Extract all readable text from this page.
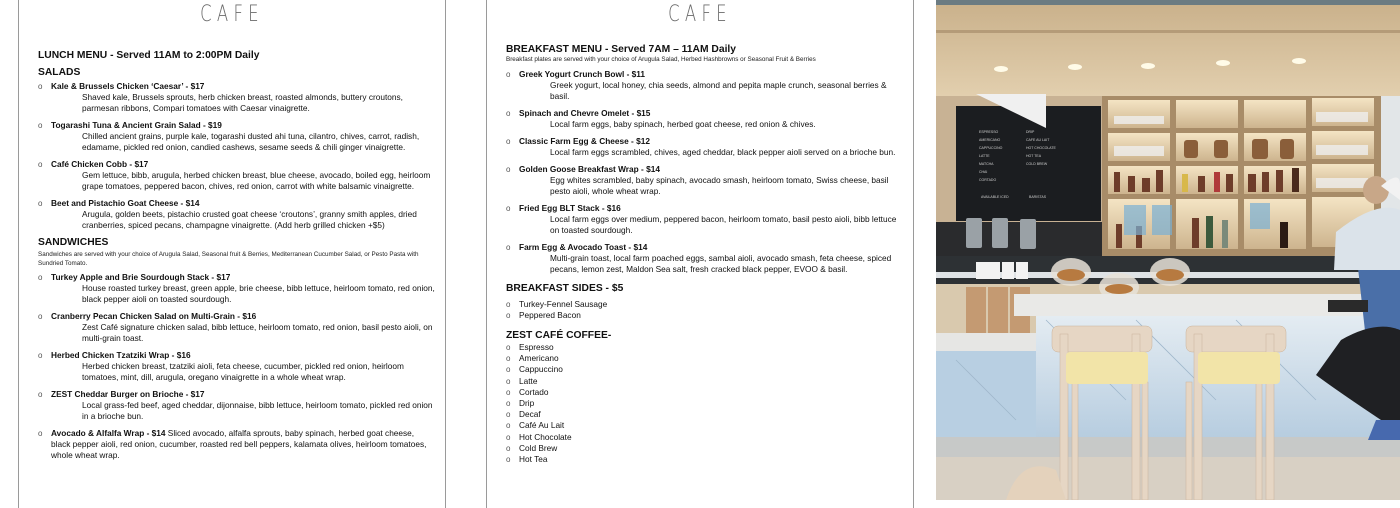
CAFE
LUNCH MENU - Served 11AM to 2:00PM Daily
SALADS
o Kale & Brussels Chicken ‘Caesar’ - $17
Shaved kale, Brussels sprouts, herb chicken breast, roasted almonds, buttery croutons, parmesan ribbons, Compari tomatoes with Caesar vinaigrette.
o Togarashi Tuna & Ancient Grain Salad - $19
Chilled ancient grains, purple kale, togarashi dusted ahi tuna, cilantro, chives, carrot, radish, edamame, pickled red onion, candied cashews, sesame seeds & chili ginger vinaigrette.
o Café Chicken Cobb - $17
Gem lettuce, bibb, arugula, herbed chicken breast, blue cheese, avocado, boiled egg, heirloom grape tomatoes, peppered bacon, chives, red onion, carrot with white balsamic vinaigrette.
o Beet and Pistachio Goat Cheese - $14
Arugula, golden beets, pistachio crusted goat cheese ‘croutons’, granny smith apples, dried cranberries, spiced pecans, champagne vinaigrette. (Add herb grilled chicken +$5)
SANDWICHES
Sandwiches are served with your choice of Arugula Salad, Seasonal fruit & Berries, Mediterranean Cucumber Salad, or Pesto Pasta with Sundried Tomato.
o Turkey Apple and Brie Sourdough Stack - $17
House roasted turkey breast, green apple, brie cheese, bibb lettuce, heirloom tomato, red onion, black pepper aioli on toasted sourdough.
o Cranberry Pecan Chicken Salad on Multi-Grain - $16
Zest Café signature chicken salad, bibb lettuce, heirloom tomato, red onion, basil pesto aioli, on multi-grain toast.
o Herbed Chicken Tzatziki Wrap - $16
Herbed chicken breast, tzatziki aioli, feta cheese, cucumber, pickled red onion, heirloom tomatoes, mint, dill, arugula, oregano vinaigrette in a whole wheat wrap.
o ZEST Cheddar Burger on Brioche - $17
Local grass-fed beef, aged cheddar, dijonnaise, bibb lettuce, heirloom tomato, pickled red onion in a brioche bun.
o Avocado & Alfalfa Wrap - $14 Sliced avocado, alfalfa sprouts, baby spinach, herbed goat cheese, black pepper aioli, red onion, cucumber, roasted red bell peppers, kalamata olives, heirloom tomatoes, whole wheat wrap.
CAFE
BREAKFAST MENU - Served 7AM – 11AM Daily
Breakfast plates are served with your choice of Arugula Salad, Herbed Hashbrowns or Seasonal Fruit & Berries
o Greek Yogurt Crunch Bowl - $11
Greek yogurt, local honey, chia seeds, almond and pepita maple crunch, seasonal berries & basil.
o Spinach and Chevre Omelet - $15
Local farm eggs, baby spinach, herbed goat cheese, red onion & chives.
o Classic Farm Egg & Cheese - $12
Local farm eggs scrambled, chives, aged cheddar, black pepper aioli served on a brioche bun.
o Golden Goose Breakfast Wrap - $14
Egg whites scrambled, baby spinach, avocado smash, heirloom tomato, Swiss cheese, basil pesto aioli, whole wheat wrap.
o Fried Egg BLT Stack - $16
Local farm eggs over medium, peppered bacon, heirloom tomato, basil pesto aioli, bibb lettuce on toasted sourdough.
o Farm Egg & Avocado Toast - $14
Multi-grain toast, local farm poached eggs, sambal aioli, avocado smash, feta cheese, spiced pecans, lemon zest, Maldon Sea salt, fresh cracked black pepper, EVOO & basil.
BREAKFAST SIDES - $5
o Turkey-Fennel Sausage
o Peppered Bacon
ZEST CAFÉ COFFEE-
o Espresso
o Americano
o Cappuccino
o Latte
o Cortado
o Drip
o Decaf
o Café Au Lait
o Hot Chocolate
o Cold Brew
o Hot Tea
ESPRESSO
AMERICANO
CAPPUCCINO
LATTE
MATCHA
CHAI
CORTADO
DRIP
CAFE AU LAIT
HOT CHOCOLATE
HOT TEA
COLD BREW
AVAILABLE ICED	BARISTAS
